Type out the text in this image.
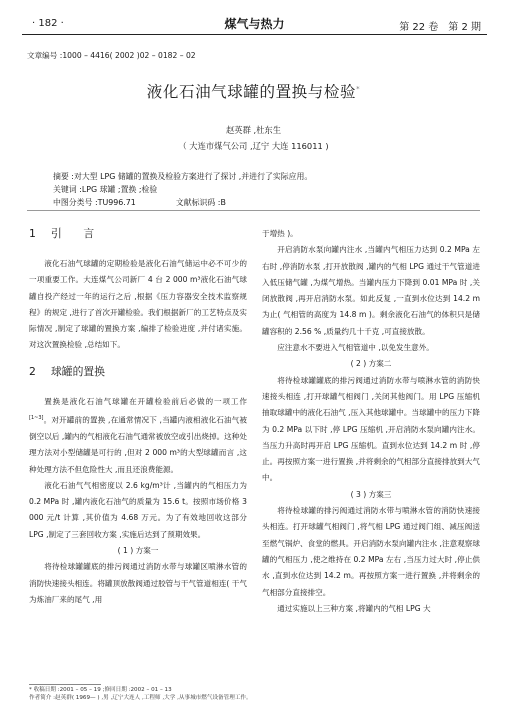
· 182 ·	煤气与热力	第 22 卷　第 2 期
文章编号 :1000 – 4416( 2002 )02 – 0182 – 02
液化石油气球罐的置换与检验*
赵英群 ,杜东生
（ 大连市煤气公司 ,辽宁 大连 116011 )
摘要 :对大型 LPG 储罐的置换及检验方案进行了探讨 ,并进行了实际应用。
关键词 :LPG 球罐 ;置换 ;检验
中图分类号 :TU996.71	文献标识码 :B
1 引　　言

液化石油气球罐的定期检验是液化石油气储运中必不可少的一项重要工作。大连煤气公司新厂 4 台 2 000 m³液化石油气球罐自投产经过一年的运行之后 ,根据《压力容器安全技术监察规程》的规定 ,进行了首次开罐检验。我们根据新厂的工艺特点及实际情况 ,制定了球罐的置换方案 ,编排了检验进度 ,并付诸实施。对这次置换检验 ,总结如下。

2 球罐的置换

置换是液化石油气球罐在开罐检验前后必做的一项工作[1~3]。对开罐前的置换 ,在通常情况下 ,当罐内液相液化石油气被倒空以后 ,罐内的气相液化石油气通常被放空或引出烧掉。这种处理方法对小型储罐是可行的 ,但对 2 000 m³的大型球罐而言 ,这种处理方法不但危险性大 ,而且还浪费能源。

液化石油气气相密度以 2.6 kg/m³计 ,当罐内的气相压力为 0.2 MPa 时 ,罐内液化石油气的质量为 15.6 t。按照市场价格 3 000 元/t 计算 ,其价值为 4.68 万元。为了有效地回收这部分 LPG ,制定了三套回收方案 ,实施后达到了预期效果。

( 1 ) 方案一

将待检球罐罐底的排污阀通过消防水带与球罐区喷淋水管的消防快速接头相连。将罐顶放散阀通过胶管与干气管道相连( 干气为炼油厂来的尾气 ,用

于增热 )。

开启消防水泵向罐内注水 ,当罐内气相压力达到 0.2 MPa 左右时 ,停消防水泵 ,打开放散阀 ,罐内的气相 LPG 通过干气管道进入低压储气罐 ,为煤气增热。当罐内压力下降到 0.01 MPa 时 ,关闭放散阀 ,再开启消防水泵。如此反复 ,一直到水位达到 14.2 m 为止( 气相管的高度为 14.8 m )。剩余液化石油气的体积只是储罐容积的 2.56 % ,质量约几十千克 ,可直接放散。

应注意水不要进入气相管道中 ,以免发生意外。

( 2 ) 方案二

将待检球罐罐底的排污阀通过消防水带与喷淋水管的消防快速接头相连 ,打开球罐气相阀门 ,关闭其他阀门。用 LPG 压缩机抽取球罐中的液化石油气 ,压入其他球罐中。当球罐中的压力下降为 0.2 MPa 以下时 ,停 LPG 压缩机 ,开启消防水泵向罐内注水。当压力升高时再开启 LPG 压缩机。直到水位达到 14.2 m 时 ,停止。再按照方案一进行置换 ,并将剩余的气相部分直接排放到大气中。

( 3 ) 方案三

将待检球罐的排污阀通过消防水带与喷淋水管的消防快速接头相连。打开球罐气相阀门 ,将气相 LPG 通过阀门组、减压阀送至燃气锅炉、食堂的燃具。开启消防水泵向罐内注水 ,注意观察球罐的气相压力 ,使之维持在 0.2 MPa 左右 ,当压力过大时 ,停止供水 ,直到水位达到 14.2 m。再按照方案一进行置换 ,并将剩余的气相部分直接排空。

通过实施以上三种方案 ,将罐内的气相 LPG 大

* 收稿日期 :2001 – 05 – 19 ;修回日期 :2002 – 01 – 13
作者简介 :赵英群( 1969— ) ,男 ,辽宁大连人 ,工程师 ,大学 ,从事城市燃气设备管理工作。
